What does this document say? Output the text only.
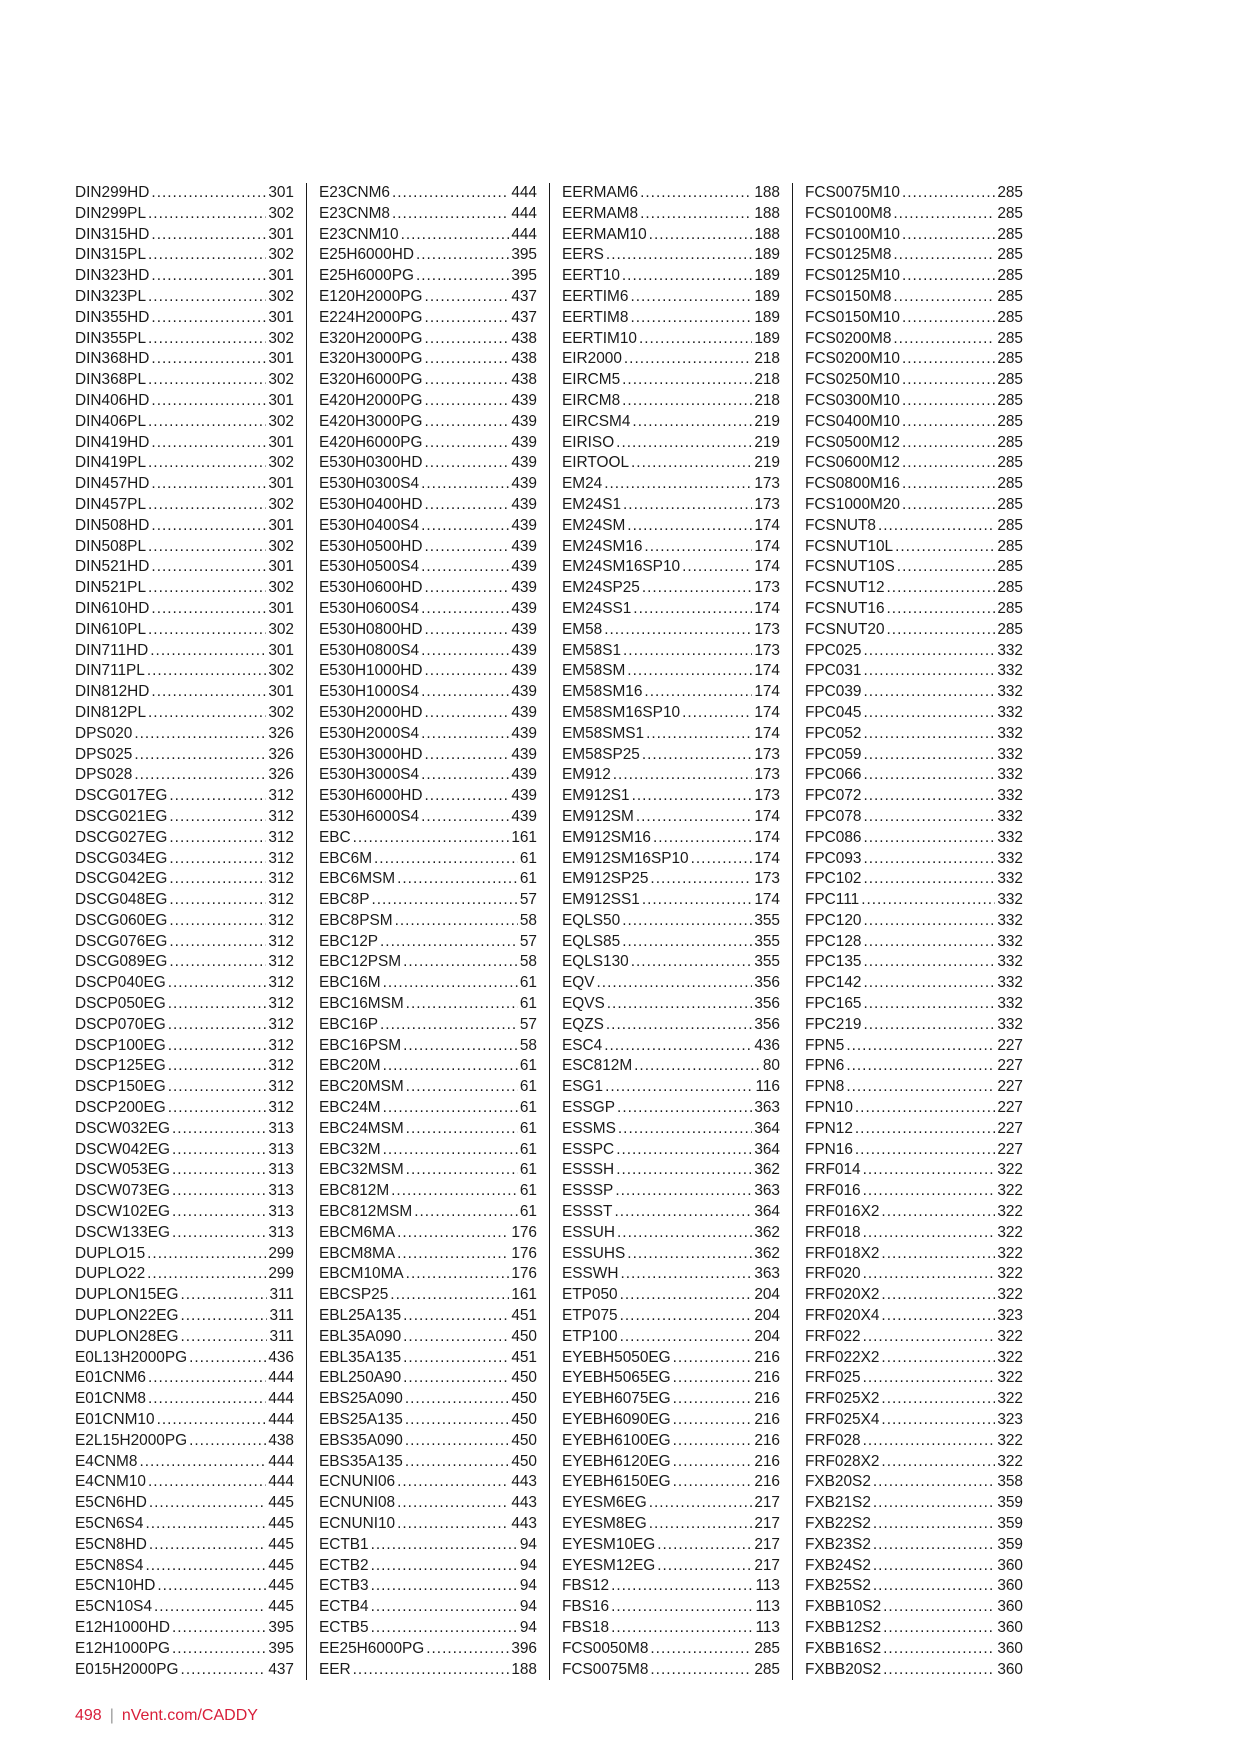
DIN299HD .....	301
DIN299PL .....	302
DIN315HD .....	301
DIN315PL .....	302
DIN323HD .....	301
DIN323PL .....	302
DIN355HD .....	301
DIN355PL .....	302
DIN368HD .....	301
DIN368PL .....	302
DIN406HD .....	301
DIN406PL .....	302
DIN419HD .....	301
DIN419PL .....	302
DIN457HD .....	301
DIN457PL .....	302
DIN508HD .....	301
DIN508PL .....	302
DIN521HD .....	301
DIN521PL .....	302
DIN610HD .....	301
DIN610PL .....	302
DIN711HD .....	301
DIN711PL .....	302
DIN812HD .....	301
DIN812PL .....	302
DPS020 .....	326
DPS025 .....	326
DPS028 .....	326
DSCG017EG .....	312
DSCG021EG .....	312
DSCG027EG .....	312
DSCG034EG .....	312
DSCG042EG .....	312
DSCG048EG .....	312
DSCG060EG .....	312
DSCG076EG .....	312
DSCG089EG .....	312
DSCP040EG .....	312
DSCP050EG .....	312
DSCP070EG .....	312
DSCP100EG .....	312
DSCP125EG .....	312
DSCP150EG .....	312
DSCP200EG .....	312
DSCW032EG .....	313
DSCW042EG .....	313
DSCW053EG .....	313
DSCW073EG .....	313
DSCW102EG .....	313
DSCW133EG .....	313
DUPLO15 .....	299
DUPLO22 .....	299
DUPLON15EG .....	311
DUPLON22EG .....	311
DUPLON28EG .....	311
E0L13H2000PG .....	436
E01CNM6 .....	444
E01CNM8 .....	444
E01CNM10 .....	444
E2L15H2000PG .....	438
E4CNM8 .....	444
E4CNM10 .....	444
E5CN6HD .....	445
E5CN6S4 .....	445
E5CN8HD .....	445
E5CN8S4 .....	445
E5CN10HD .....	445
E5CN10S4 .....	445
E12H1000HD .....	395
E12H1000PG .....	395
E015H2000PG .....	437
E23CNM6 .....	444
E23CNM8 .....	444
E23CNM10 .....	444
E25H6000HD .....	395
E25H6000PG .....	395
E120H2000PG .....	437
E224H2000PG .....	437
E320H2000PG .....	438
E320H3000PG .....	438
E320H6000PG .....	438
E420H2000PG .....	439
E420H3000PG .....	439
E420H6000PG .....	439
E530H0300HD .....	439
E530H0300S4 .....	439
E530H0400HD .....	439
E530H0400S4 .....	439
E530H0500HD .....	439
E530H0500S4 .....	439
E530H0600HD .....	439
E530H0600S4 .....	439
E530H0800HD .....	439
E530H0800S4 .....	439
E530H1000HD .....	439
E530H1000S4 .....	439
E530H2000HD .....	439
E530H2000S4 .....	439
E530H3000HD .....	439
E530H3000S4 .....	439
E530H6000HD .....	439
E530H6000S4 .....	439
EBC .....	161
EBC6M .....	61
EBC6MSM .....	61
EBC8P .....	57
EBC8PSM .....	58
EBC12P .....	57
EBC12PSM .....	58
EBC16M .....	61
EBC16MSM .....	61
EBC16P .....	57
EBC16PSM .....	58
EBC20M .....	61
EBC20MSM .....	61
EBC24M .....	61
EBC24MSM .....	61
EBC32M .....	61
EBC32MSM .....	61
EBC812M .....	61
EBC812MSM .....	61
EBCM6MA .....	176
EBCM8MA .....	176
EBCM10MA .....	176
EBCSP25 .....	161
EBL25A135 .....	451
EBL35A090 .....	450
EBL35A135 .....	451
EBL250A90 .....	450
EBS25A090 .....	450
EBS25A135 .....	450
EBS35A090 .....	450
EBS35A135 .....	450
ECNUNI06 .....	443
ECNUNI08 .....	443
ECNUNI10 .....	443
ECTB1 .....	94
ECTB2 .....	94
ECTB3 .....	94
ECTB4 .....	94
ECTB5 .....	94
EE25H6000PG .....	396
EER .....	188
EERMAM6 .....	188
EERMAM8 .....	188
EERMAM10 .....	188
EERS .....	189
EERT10 .....	189
EERTIM6 .....	189
EERTIM8 .....	189
EERTIM10 .....	189
EIR2000 .....	218
EIRCM5 .....	218
EIRCM8 .....	218
EIRCSM4 .....	219
EIRISO .....	219
EIRTOOL .....	219
EM24 .....	173
EM24S1 .....	173
EM24SM .....	174
EM24SM16 .....	174
EM24SM16SP10 .....	174
EM24SP25 .....	173
EM24SS1 .....	174
EM58 .....	173
EM58S1 .....	173
EM58SM .....	174
EM58SM16 .....	174
EM58SM16SP10 .....	174
EM58SMS1 .....	174
EM58SP25 .....	173
EM912 .....	173
EM912S1 .....	173
EM912SM .....	174
EM912SM16 .....	174
EM912SM16SP10 .....	174
EM912SP25 .....	173
EM912SS1 .....	174
EQLS50 .....	355
EQLS85 .....	355
EQLS130 .....	355
EQV .....	356
EQVS .....	356
EQZS .....	356
ESC4 .....	436
ESC812M .....	80
ESG1 .....	116
ESSGP .....	363
ESSMS .....	364
ESSPC .....	364
ESSSH .....	362
ESSSP .....	363
ESSST .....	364
ESSUH .....	362
ESSUHS .....	362
ESSWH .....	363
ETP050 .....	204
ETP075 .....	204
ETP100 .....	204
EYEBH5050EG .....	216
EYEBH5065EG .....	216
EYEBH6075EG .....	216
EYEBH6090EG .....	216
EYEBH6100EG .....	216
EYEBH6120EG .....	216
EYEBH6150EG .....	216
EYESM6EG .....	217
EYESM8EG .....	217
EYESM10EG .....	217
EYESM12EG .....	217
FBS12 .....	113
FBS16 .....	113
FBS18 .....	113
FCS0050M8 .....	285
FCS0075M8 .....	285
FCS0075M10 .....	285
FCS0100M8 .....	285
FCS0100M10 .....	285
FCS0125M8 .....	285
FCS0125M10 .....	285
FCS0150M8 .....	285
FCS0150M10 .....	285
FCS0200M8 .....	285
FCS0200M10 .....	285
FCS0250M10 .....	285
FCS0300M10 .....	285
FCS0400M10 .....	285
FCS0500M12 .....	285
FCS0600M12 .....	285
FCS0800M16 .....	285
FCS1000M20 .....	285
FCSNUT8 .....	285
FCSNUT10L .....	285
FCSNUT10S .....	285
FCSNUT12 .....	285
FCSNUT16 .....	285
FCSNUT20 .....	285
FPC025 .....	332
FPC031 .....	332
FPC039 .....	332
FPC045 .....	332
FPC052 .....	332
FPC059 .....	332
FPC066 .....	332
FPC072 .....	332
FPC078 .....	332
FPC086 .....	332
FPC093 .....	332
FPC102 .....	332
FPC111 .....	332
FPC120 .....	332
FPC128 .....	332
FPC135 .....	332
FPC142 .....	332
FPC165 .....	332
FPC219 .....	332
FPN5 .....	227
FPN6 .....	227
FPN8 .....	227
FPN10 .....	227
FPN12 .....	227
FPN16 .....	227
FRF014 .....	322
FRF016 .....	322
FRF016X2 .....	322
FRF018 .....	322
FRF018X2 .....	322
FRF020 .....	322
FRF020X2 .....	322
FRF020X4 .....	323
FRF022 .....	322
FRF022X2 .....	322
FRF025 .....	322
FRF025X2 .....	322
FRF025X4 .....	323
FRF028 .....	322
FRF028X2 .....	322
FXB20S2 .....	358
FXB21S2 .....	359
FXB22S2 .....	359
FXB23S2 .....	359
FXB24S2 .....	360
FXB25S2 .....	360
FXBB10S2 .....	360
FXBB12S2 .....	360
FXBB16S2 .....	360
FXBB20S2 .....	360
498 | nVent.com/CADDY
